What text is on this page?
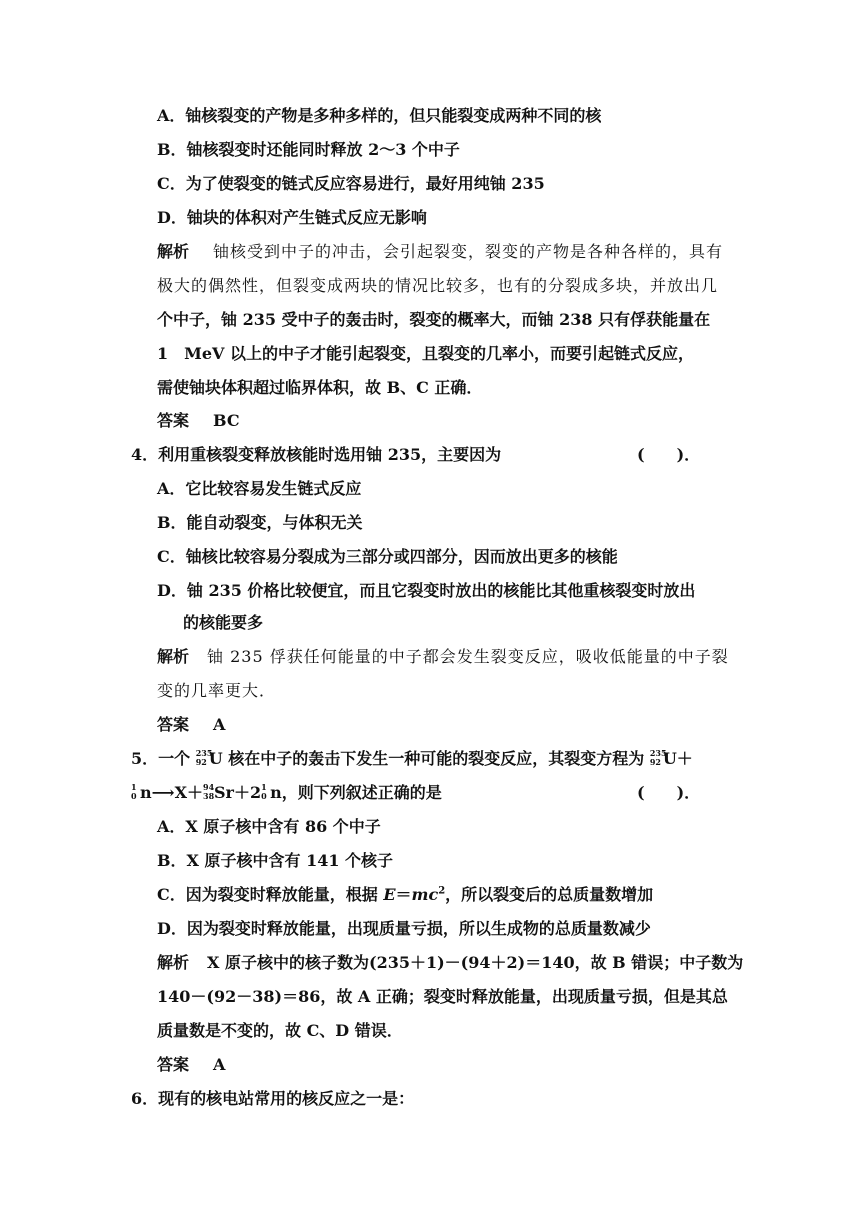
A．铀核裂变的产物是多种多样的，但只能裂变成两种不同的核
B．铀核裂变时还能同时释放 2～3 个中子
C．为了使裂变的链式反应容易进行，最好用纯铀 235
D．铀块的体积对产生链式反应无影响
解析 铀核受到中子的冲击，会引起裂变，裂变的产物是各种各样的，具有
极大的偶然性，但裂变成两块的情况比较多，也有的分裂成多块，并放出几
个中子，铀 235 受中子的轰击时，裂变的概率大，而铀 238 只有俘获能量在
1　MeV 以上的中子才能引起裂变，且裂变的几率小，而要引起链式反应，
需使铀块体积超过临界体积，故 B、C 正确．
答案 BC
4．利用重核裂变释放核能时选用铀 235，主要因为	(　　)．
A．它比较容易发生链式反应
B．能自动裂变，与体积无关
C．铀核比较容易分裂成为三部分或四部分，因而放出更多的核能
D．铀 235 价格比较便宜，而且它裂变时放出的核能比其他重核裂变时放出
的核能要多
解析 铀 235 俘获任何能量的中子都会发生裂变反应，吸收低能量的中子裂
变的几率更大．
答案 A
5．一个 235
92 U 核在中子的轰击下发生一种可能的裂变反应，其裂变方程为 235
92 U＋
1
0 n⟶X＋ 94
38 Sr＋2 1
0 n，则下列叙述正确的是	(　　)．
A．X 原子核中含有 86 个中子
B．X 原子核中含有 141 个核子
C．因为裂变时释放能量，根据 $E=mc^2$，所以裂变后的总质量数增加
D．因为裂变时释放能量，出现质量亏损，所以生成物的总质量数减少
解析 X 原子核中的核子数为(235＋1)－(94＋2)＝140，故 B 错误；中子数为
140－(92－38)＝86，故 A 正确；裂变时释放能量，出现质量亏损，但是其总
质量数是不变的，故 C、D 错误．
答案 A
6．现有的核电站常用的核反应之一是：
